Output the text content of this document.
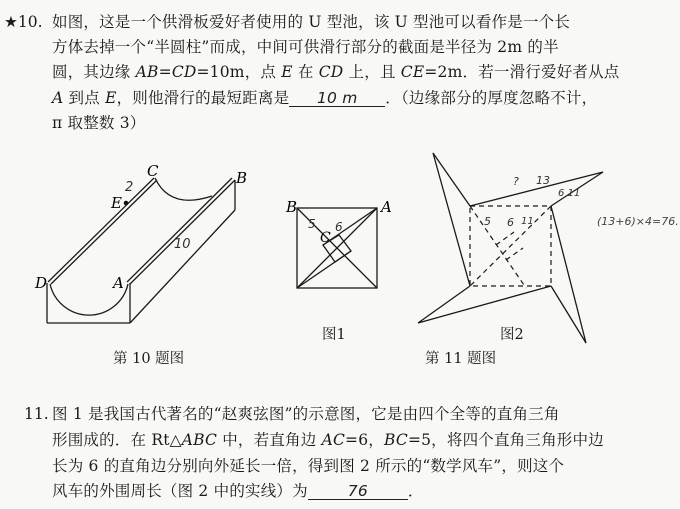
★10. 如图，这是一个供滑板爱好者使用的 U 型池，该 U 型池可以看作是一个长
方体去掉一个“半圆柱”而成，中间可供滑行部分的截面是半径为 2m 的半
圆，其边缘 AB=CD=10m，点 E 在 CD 上，且 CE=2m．若一滑行爱好者从点
A 到点 E，则他滑行的最短距离是 10 m ．（边缘部分的厚度忽略不计，
π 取整数 3）
D	A
C	B
E
2
10
B	A
C
5 6
图1
? 13
6 11
5 6 11	(13+6)×4=76.
图2
第 10 题图	第 11 题图
11. 图 1 是我国古代著名的“赵爽弦图”的示意图，它是由四个全等的直角三角
形围成的．在 Rt△ABC 中，若直角边 AC=6，BC=5，将四个直角三角形中边
长为 6 的直角边分别向外延长一倍，得到图 2 所示的“数学风车”，则这个
风车的外围周长（图 2 中的实线）为	76	．
